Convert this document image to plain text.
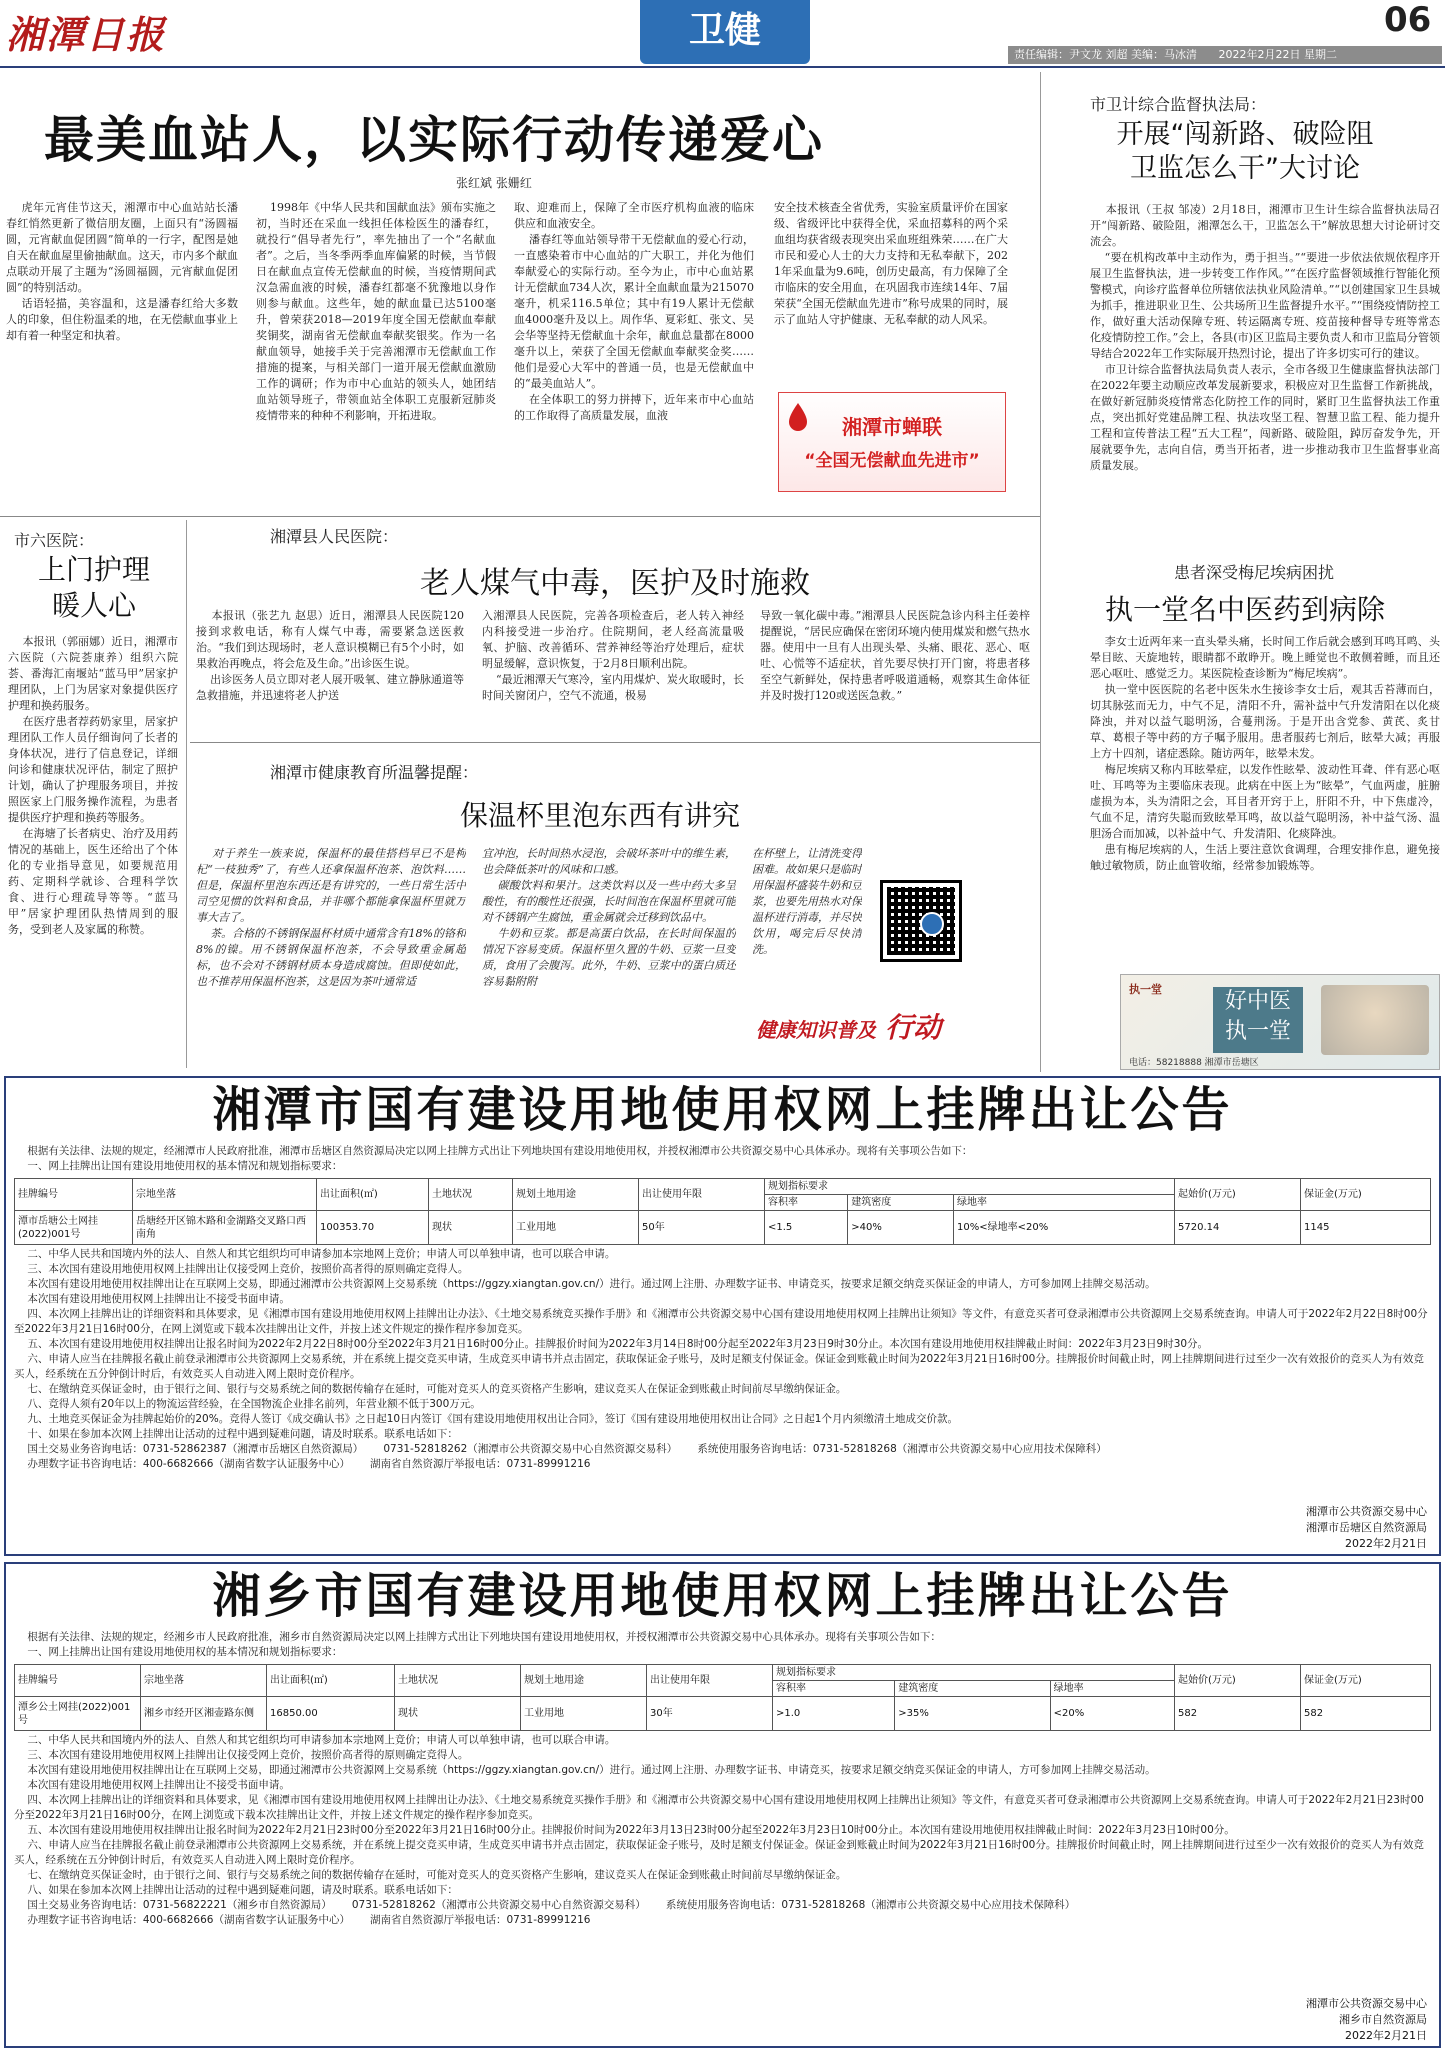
湘潭日报	卫健	06
责任编辑：尹文龙 刘超 美编：马冰清 2022年2月22日 星期二
最美血站人，以实际行动传递爱心
张红斌 张姗红
虎年元宵佳节这天，湘潭市中心血站站长潘春红悄然更新了微信朋友圈，上面只有“汤圆福圆，元宵献血促团圆”简单的一行字，配图是她自天在献血屋里偷抽献血。这天，市内多个献血点联动开展了主题为“汤圆福圆，元宵献血促团圆”的特别活动。
话语轻描，美容温和，这是潘春红给大多数人的印象，但住粉温柔的地，在无偿献血事业上却有着一种坚定和执着。
1998年《中华人民共和国献血法》颁布实施之初，当时还在采血一线担任体检医生的潘春红，就投行“倡导者先行”，率先抽出了一个“名献血者”。之后，当冬季两季血库偏紧的时候，当节假日在献血点宣传无偿献血的时候，当疫情期间武汉急需血液的时候，潘春红都毫不犹豫地以身作则参与献血。这些年，她的献血量已达5100毫升，曾荣获2018—2019年度全国无偿献血奉献奖铜奖，湖南省无偿献血奉献奖银奖。作为一名献血领导，她接手关于完善湘潭市无偿献血工作措施的提案，与相关部门一道开展无偿献血激励工作的调研；作为市中心血站的领头人，她团结血站领导班子，带领血站全体职工克服新冠肺炎疫情带来的种种不利影响，开拓进取。
取、迎难而上，保障了全市医疗机构血液的临床供应和血液安全。
潘春红等血站领导带干无偿献血的爱心行动，一直感染着市中心血站的广大职工，并化为他们奉献爱心的实际行动。至今为止，市中心血站累计无偿献血734人次，累计全血献血量为215070毫升，机采116.5单位；其中有19人累计无偿献血4000毫升及以上。周作华、夏彩虹、张文、吴会华等坚持无偿献血十余年，献血总量都在8000毫升以上，荣获了全国无偿献血奉献奖金奖……他们是爱心大军中的普通一员，也是无偿献血中的“最美血站人”。
在全体职工的努力拼搏下，近年来市中心血站的工作取得了高质量发展，血液
安全技术核查全省优秀，实验室质量评价在国家级、省级评比中获得全优，采血招募科的两个采血组均获省级表现突出采血班组殊荣……在广大市民和爱心人士的大力支持和无私奉献下，2021年采血量为9.6吨，创历史最高，有力保障了全市临床的安全用血，在巩固我市连续14年、7届荣获“全国无偿献血先进市”称号成果的同时，展示了血站人守护健康、无私奉献的动人风采。
湘潭市蝉联
“全国无偿献血先进市”
市卫计综合监督执法局：
开展“闯新路、破险阻
卫监怎么干”大讨论
本报讯（王叔 邹凌）2月18日，湘潭市卫生计生综合监督执法局召开“闯新路、破险阻，湘潭怎么干，卫监怎么干”解放思想大讨论研讨交流会。
“要在机构改革中主动作为，勇于担当。”“要进一步依法依规依程序开展卫生监督执法，进一步转变工作作风。”“在医疗监督领域推行智能化预警模式，向诊疗监督单位所辖依法执业风险清单。”“以创建国家卫生县城为抓手，推进职业卫生、公共场所卫生监督提升水平。”“围绕疫情防控工作，做好重大活动保障专班、转运隔离专班、疫苗接种督导专班等常态化疫情防控工作。”会上，各县(市)区卫监局主要负责人和市卫监局分管领导结合2022年工作实际展开热烈讨论，提出了许多切实可行的建议。
市卫计综合监督执法局负责人表示，全市各级卫生健康监督执法部门在2022年要主动顺应改革发展新要求，积极应对卫生监督工作新挑战，在做好新冠肺炎疫情常态化防控工作的同时，紧盯卫生监督执法工作重点，突出抓好党建品牌工程、执法攻坚工程、智慧卫监工程、能力提升工程和宣传普法工程“五大工程”，闯新路、破险阻，踔厉奋发争先，开展就要争先，志向自信，勇当开拓者，进一步推动我市卫生监督事业高质量发展。
市六医院：
上门护理
暖人心
本报讯（郭丽娜）近日，湘潭市六医院（六院荟康养）组织六院荟、番海汇南堰站“蓝马甲”居家护理团队，上门为居家对象提供医疗护理和换药服务。
在医疗患者荐药奶家里，居家护理团队工作人员仔细询问了长者的身体状况，进行了信息登记，详细问诊和健康状况评估，制定了照护计划，确认了护理服务项目，并按照医家上门服务操作流程，为患者提供医疗护理和换药等服务。
在海塘了长者病史、治疗及用药情况的基础上，医生还给出了个体化的专业指导意见，如要规范用药、定期科学就诊、合理科学饮食、进行心理疏导等等。“蓝马甲”居家护理团队热情周到的服务，受到老人及家属的称赞。
湘潭县人民医院：
老人煤气中毒，医护及时施救
本报讯（张艺九 赵思）近日，湘潭县人民医院120接到求救电话，称有人煤气中毒，需要紧急送医救治。“我们到达现场时，老人意识模糊已有5个小时，如果救治再晚点，将会危及生命。”出诊医生说。
出诊医务人员立即对老人展开吸氧、建立静脉通道等急救措施，并迅速将老人护送
入湘潭县人民医院，完善各项检查后，老人转入神经内科接受进一步治疗。住院期间，老人经高流量吸氧、护脑、改善循环、营养神经等治疗处理后，症状明显缓解，意识恢复，于2月8日顺利出院。
“最近湘潭天气寒冷，室内用煤炉、炭火取暖时，长时间关窗闭户，空气不流通，极易
导致一氧化碳中毒。”湘潭县人民医院急诊内科主任姜梓提醒说，“居民应确保在密闭环境内使用煤炭和燃气热水器。使用中一旦有人出现头晕、头痛、眼花、恶心、呕吐、心慌等不适症状，首先要尽快打开门窗，将患者移至空气新鲜处，保持患者呼吸道通畅，观察其生命体征并及时拨打120或送医急救。”
湘潭市健康教育所温馨提醒：
保温杯里泡东西有讲究
对于养生一族来说，保温杯的最佳搭档早已不是枸杞“一枝独秀”了，有些人还拿保温杯泡茶、泡饮料……但是，保温杯里泡东西还是有讲究的，一些日常生活中司空见惯的饮料和食品，并非哪个都能拿保温杯里就万事大吉了。
茶。合格的不锈钢保温杯材质中通常含有18%的铬和8%的镍。用不锈钢保温杯泡茶，不会导致重金属超标，也不会对不锈钢材质本身造成腐蚀。但即使如此，也不推荐用保温杯泡茶，这是因为茶叶通常适
宜冲泡，长时间热水浸泡，会破坏茶叶中的维生素，也会降低茶叶的风味和口感。
碳酸饮料和果汁。这类饮料以及一些中药大多呈酸性，有的酸性还很强，长时间泡在保温杯里就可能对不锈钢产生腐蚀，重金属就会迁移到饮品中。
牛奶和豆浆。都是高蛋白饮品，在长时间保温的情况下容易变质。保温杯里久置的牛奶、豆浆一旦变质，食用了会腹泻。此外，牛奶、豆浆中的蛋白质还容易黏附附
在杯壁上，让清洗变得困难。故如果只是临时用保温杯盛装牛奶和豆浆，也要先用热水对保温杯进行消毒，并尽快饮用，喝完后尽快清洗。
健康知识普及 行动
患者深受梅尼埃病困扰
执一堂名中医药到病除
李女士近两年来一直头晕头痛，长时间工作后就会感到耳鸣耳鸣、头晕目眩、天旋地转，眼睛都不敢睁开。晚上睡觉也不敢侧着睡，而且还恶心呕吐、感觉乏力。某医院检查诊断为“梅尼埃病”。
执一堂中医医院的名老中医朱水生接诊李女士后，观其舌苔薄而白，切其脉弦而无力，中气不足，清阳不升，需补益中气升发清阳在以化痰降浊，并对以益气聪明汤，合蔓荆汤。于是开出含党参、黄芪、炙甘草、葛根子等中药的方子嘱予服用。患者服药七剂后，眩晕大减；再服上方十四剂，诸症悉除。随访两年，眩晕未发。
梅尼埃病又称内耳眩晕症，以发作性眩晕、波动性耳聋、伴有恶心呕吐、耳鸣等为主要临床表现。此病在中医上为“眩晕”，气血两虚，脏腑虚损为本，头为清阳之会，耳目者开窍于上，肝阳不升，中下焦虚冷，气血不足，清窍失聪而致眩晕耳鸣，故以益气聪明汤，补中益气汤、温胆汤合而加减，以补益中气、升发清阳、化痰降浊。
患有梅尼埃病的人，生活上要注意饮食调理，合理安排作息，避免接触过敏物质，防止血管收缩，经常参加锻炼等。
执一堂	好中医
执一堂
电话：58218888 湘潭市岳塘区
湘潭市国有建设用地使用权网上挂牌出让公告
根据有关法律、法规的规定，经湘潭市人民政府批准，湘潭市岳塘区自然资源局决定以网上挂牌方式出让下列地块国有建设用地使用权，并授权湘潭市公共资源交易中心具体承办。现将有关事项公告如下：
一、网上挂牌出让国有建设用地使用权的基本情况和规划指标要求：
挂牌编号	宗地坐落	出让面积(㎡)	土地状况	规划土地用途	出让使用年限	规划指标要求			起始价(万元)	保证金(万元)
						容积率	建筑密度	绿地率		
潭市岳塘公土网挂(2022)001号	岳塘经开区锦木路和金湖路交叉路口西南角	100353.70	现状	工业用地	50年	<1.5	>40%	10%<绿地率<20%	5720.14	1145
二、中华人民共和国境内外的法人、自然人和其它组织均可申请参加本宗地网上竞价；申请人可以单独申请，也可以联合申请。
三、本次国有建设用地使用权网上挂牌出让仅接受网上竞价，按照价高者得的原则确定竞得人。
本次国有建设用地使用权挂牌出让在互联网上交易，即通过湘潭市公共资源网上交易系统（https://ggzy.xiangtan.gov.cn/）进行。通过网上注册、办理数字证书、申请竞买，按要求足额交纳竞买保证金的申请人，方可参加网上挂牌交易活动。
本次国有建设用地使用权网上挂牌出让不接受书面申请。
四、本次网上挂牌出让的详细资料和具体要求，见《湘潭市国有建设用地使用权网上挂牌出让办法》、《土地交易系统竞买操作手册》和《湘潭市公共资源交易中心国有建设用地使用权网上挂牌出让须知》等文件，有意竞买者可登录湘潭市公共资源网上交易系统查询。申请人可于2022年2月22日8时00分至2022年3月21日16时00分，在网上浏览或下载本次挂牌出让文件，并按上述文件规定的操作程序参加竞买。
五、本次国有建设用地使用权挂牌出让报名时间为2022年2月22日8时00分至2022年3月21日16时00分止。挂牌报价时间为2022年3月14日8时00分起至2022年3月23日9时30分止。本次国有建设用地使用权挂牌截止时间：2022年3月23日9时30分。
六、申请人应当在挂牌报名截止前登录湘潭市公共资源网上交易系统，并在系统上提交竞买申请，生成竞买申请书并点击固定，获取保证金子账号，及时足额支付保证金。保证金到账截止时间为2022年3月21日16时00分。挂牌报价时间截止时，网上挂牌期间进行过至少一次有效报价的竞买人为有效竞买人，经系统在五分钟倒计时后，有效竞买人自动进入网上限时竞价程序。
七、在缴纳竞买保证金时，由于银行之间、银行与交易系统之间的数据传输存在延时，可能对竞买人的竞买资格产生影响，建议竞买人在保证金到账截止时间前尽早缴纳保证金。
八、竞得人须有20年以上的物流运营经验，在全国物流企业排名前列，年营业额不低于300万元。
九、土地竞买保证金为挂牌起始价的20%。竞得人签订《成交确认书》之日起10日内签订《国有建设用地使用权出让合同》，签订《国有建设用地使用权出让合同》之日起1个月内须缴清土地成交价款。
十、如果在参加本次网上挂牌出让活动的过程中遇到疑难问题，请及时联系。联系电话如下：
国土交易业务咨询电话：0731-52862387（湘潭市岳塘区自然资源局）      0731-52818262（湘潭市公共资源交易中心自然资源交易科）      系统使用服务咨询电话：0731-52818268（湘潭市公共资源交易中心应用技术保障科）
办理数字证书咨询电话：400-6682666（湖南省数字认证服务中心）      湖南省自然资源厅举报电话：0731-89991216
湘潭市公共资源交易中心
湘潭市岳塘区自然资源局
2022年2月21日
湘乡市国有建设用地使用权网上挂牌出让公告
根据有关法律、法规的规定，经湘乡市人民政府批准，湘乡市自然资源局决定以网上挂牌方式出让下列地块国有建设用地使用权，并授权湘潭市公共资源交易中心具体承办。现将有关事项公告如下：
一、网上挂牌出让国有建设用地使用权的基本情况和规划指标要求：
挂牌编号	宗地坐落	出让面积(㎡)	土地状况	规划土地用途	出让使用年限	规划指标要求			起始价(万元)	保证金(万元)
						容积率	建筑密度	绿地率		
潭乡公土网挂(2022)001号	湘乡市经开区湘壶路东侧	16850.00	现状	工业用地	30年	>1.0	>35%	<20%	582	582
二、中华人民共和国境内外的法人、自然人和其它组织均可申请参加本宗地网上竞价；申请人可以单独申请，也可以联合申请。
三、本次国有建设用地使用权网上挂牌出让仅接受网上竞价，按照价高者得的原则确定竞得人。
本次国有建设用地使用权挂牌出让在互联网上交易，即通过湘潭市公共资源网上交易系统（https://ggzy.xiangtan.gov.cn/）进行。通过网上注册、办理数字证书、申请竞买，按要求足额交纳竞买保证金的申请人，方可参加网上挂牌交易活动。
本次国有建设用地使用权网上挂牌出让不接受书面申请。
四、本次网上挂牌出让的详细资料和具体要求，见《湘潭市国有建设用地使用权网上挂牌出让办法》、《土地交易系统竞买操作手册》和《湘潭市公共资源交易中心国有建设用地使用权网上挂牌出让须知》等文件，有意竞买者可登录湘潭市公共资源网上交易系统查询。申请人可于2022年2月21日23时00分至2022年3月21日16时00分，在网上浏览或下载本次挂牌出让文件，并按上述文件规定的操作程序参加竞买。
五、本次国有建设用地使用权挂牌出让报名时间为2022年2月21日23时00分至2022年3月21日16时00分止。挂牌报价时间为2022年3月13日23时00分起至2022年3月23日10时00分止。本次国有建设用地使用权挂牌截止时间：2022年3月23日10时00分。
六、申请人应当在挂牌报名截止前登录湘潭市公共资源网上交易系统，并在系统上提交竞买申请，生成竞买申请书并点击固定，获取保证金子账号，及时足额支付保证金。保证金到账截止时间为2022年3月21日16时00分。挂牌报价时间截止时，网上挂牌期间进行过至少一次有效报价的竞买人为有效竞买人，经系统在五分钟倒计时后，有效竞买人自动进入网上限时竞价程序。
七、在缴纳竞买保证金时，由于银行之间、银行与交易系统之间的数据传输存在延时，可能对竞买人的竞买资格产生影响，建议竞买人在保证金到账截止时间前尽早缴纳保证金。
八、如果在参加本次网上挂牌出让活动的过程中遇到疑难问题，请及时联系。联系电话如下：
国土交易业务咨询电话：0731-56822221（湘乡市自然资源局）      0731-52818262（湘潭市公共资源交易中心自然资源交易科）      系统使用服务咨询电话：0731-52818268（湘潭市公共资源交易中心应用技术保障科）
办理数字证书咨询电话：400-6682666（湖南省数字认证服务中心）      湖南省自然资源厅举报电话：0731-89991216
湘潭市公共资源交易中心
湘乡市自然资源局
2022年2月21日
